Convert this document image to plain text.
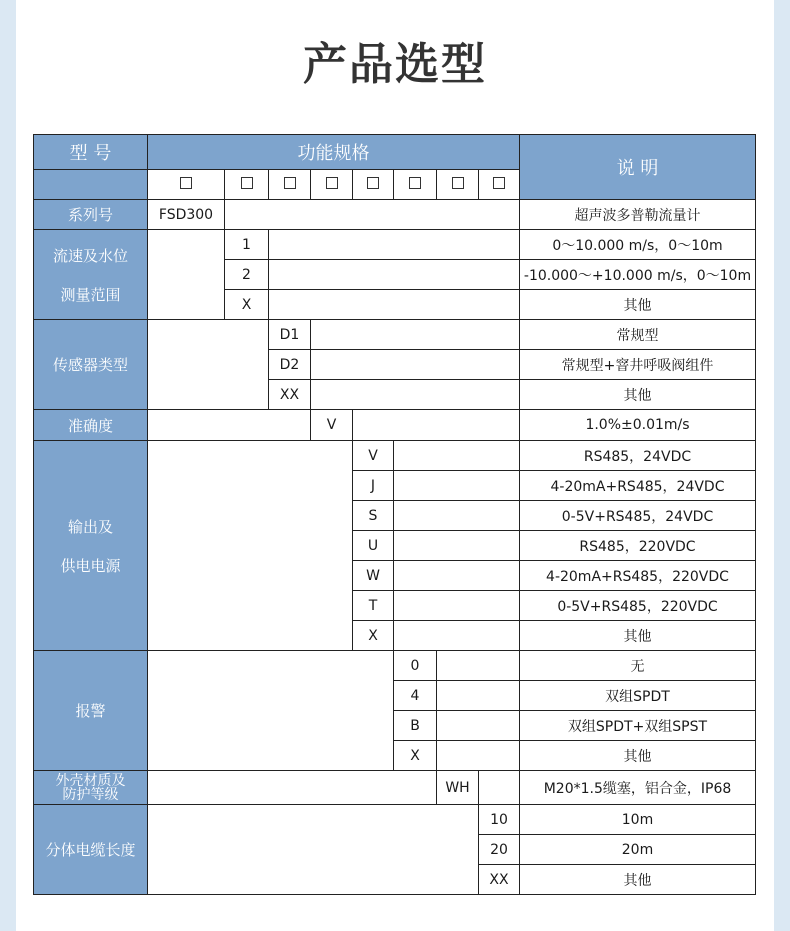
产品选型
型 号	功能规格								说 明

系列号	FSD300								超声波多普勒流量计
流速及水位

测量范围		1							0～10.000 m/s，0～10m
		2							-10.000～+10.000 m/s，0～10m
		X							其他
传感器类型			D1						常规型
			D2						常规型+窨井呼吸阀组件
			XX						其他
准确度				V					1.0%±0.01m/s
输出及

供电电源					V				RS485，24VDC
					J				4-20mA+RS485，24VDC
					S				0-5V+RS485，24VDC
					U				RS485，220VDC
					W				4-20mA+RS485，220VDC
					T				0-5V+RS485，220VDC
					X				其他
报警						0			无
						4			双组SPDT
						B			双组SPDT+双组SPST
						X			其他

外壳材质及
防护等级							WH		M20*1.5缆塞，铝合金，IP68
分体电缆长度								10	10m
								20	20m
								XX	其他
